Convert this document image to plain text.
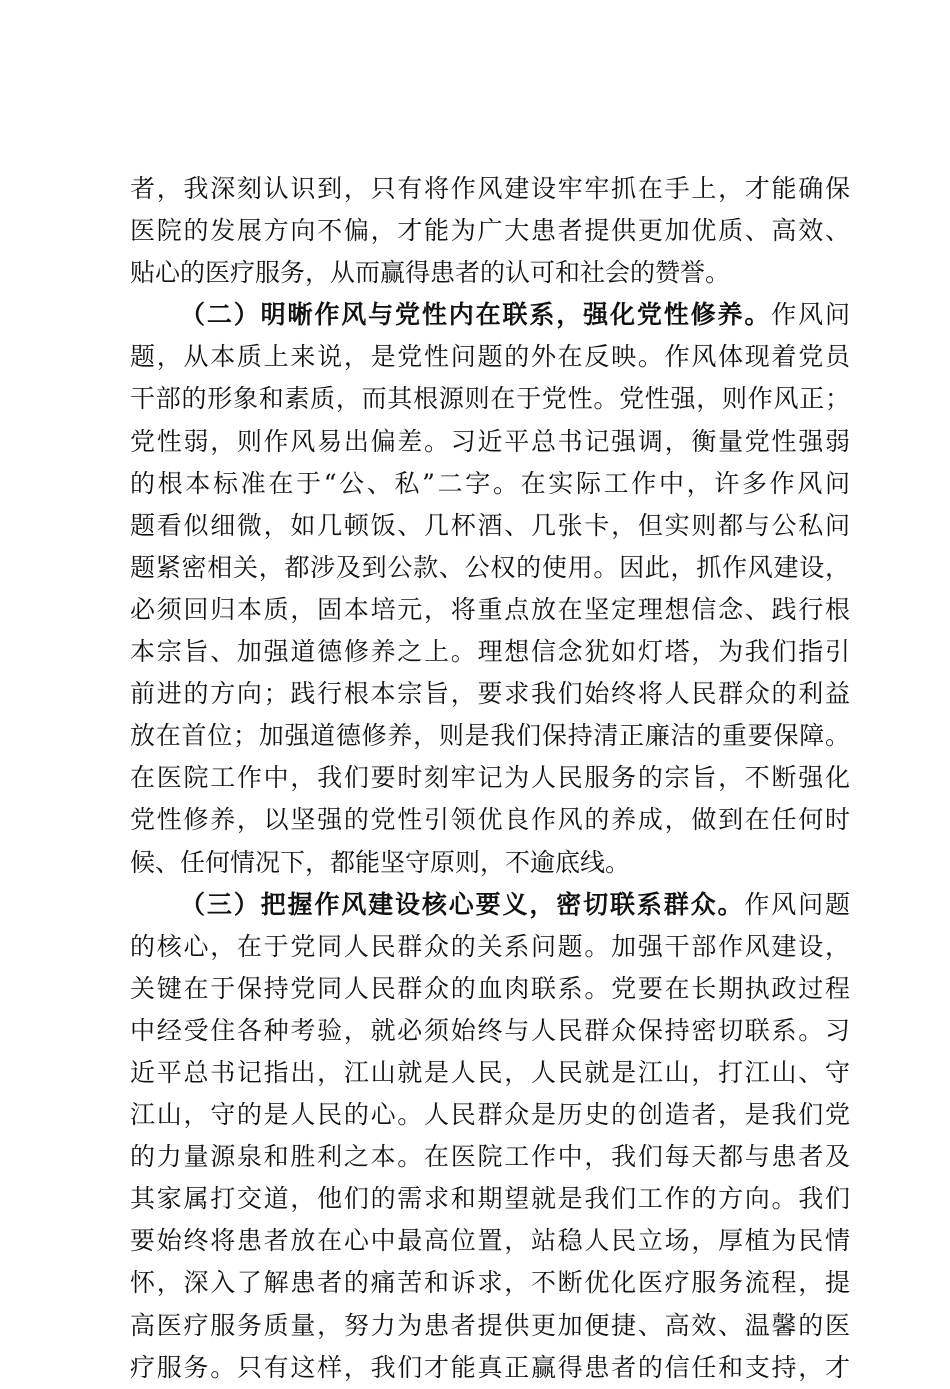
者，我深刻认识到，只有将作风建设牢牢抓在手上，才能确保
医院的发展方向不偏，才能为广大患者提供更加优质、高效、
贴心的医疗服务，从而赢得患者的认可和社会的赞誉。
（二）明晰作风与党性内在联系，强化党性修养。作风问
题，从本质上来说，是党性问题的外在反映。作风体现着党员
干部的形象和素质，而其根源则在于党性。党性强，则作风正；
党性弱，则作风易出偏差。习近平总书记强调，衡量党性强弱
的根本标准在于“公、私”二字。在实际工作中，许多作风问
题看似细微，如几顿饭、几杯酒、几张卡，但实则都与公私问
题紧密相关，都涉及到公款、公权的使用。因此，抓作风建设，
必须回归本质，固本培元，将重点放在坚定理想信念、践行根
本宗旨、加强道德修养之上。理想信念犹如灯塔，为我们指引
前进的方向；践行根本宗旨，要求我们始终将人民群众的利益
放在首位；加强道德修养，则是我们保持清正廉洁的重要保障。
在医院工作中，我们要时刻牢记为人民服务的宗旨，不断强化
党性修养，以坚强的党性引领优良作风的养成，做到在任何时
候、任何情况下，都能坚守原则，不逾底线。
（三）把握作风建设核心要义，密切联系群众。作风问题
的核心，在于党同人民群众的关系问题。加强干部作风建设，
关键在于保持党同人民群众的血肉联系。党要在长期执政过程
中经受住各种考验，就必须始终与人民群众保持密切联系。习
近平总书记指出，江山就是人民，人民就是江山，打江山、守
江山，守的是人民的心。人民群众是历史的创造者，是我们党
的力量源泉和胜利之本。在医院工作中，我们每天都与患者及
其家属打交道，他们的需求和期望就是我们工作的方向。我们
要始终将患者放在心中最高位置，站稳人民立场，厚植为民情
怀，深入了解患者的痛苦和诉求，不断优化医疗服务流程，提
高医疗服务质量，努力为患者提供更加便捷、高效、温馨的医
疗服务。只有这样，我们才能真正赢得患者的信任和支持，才
